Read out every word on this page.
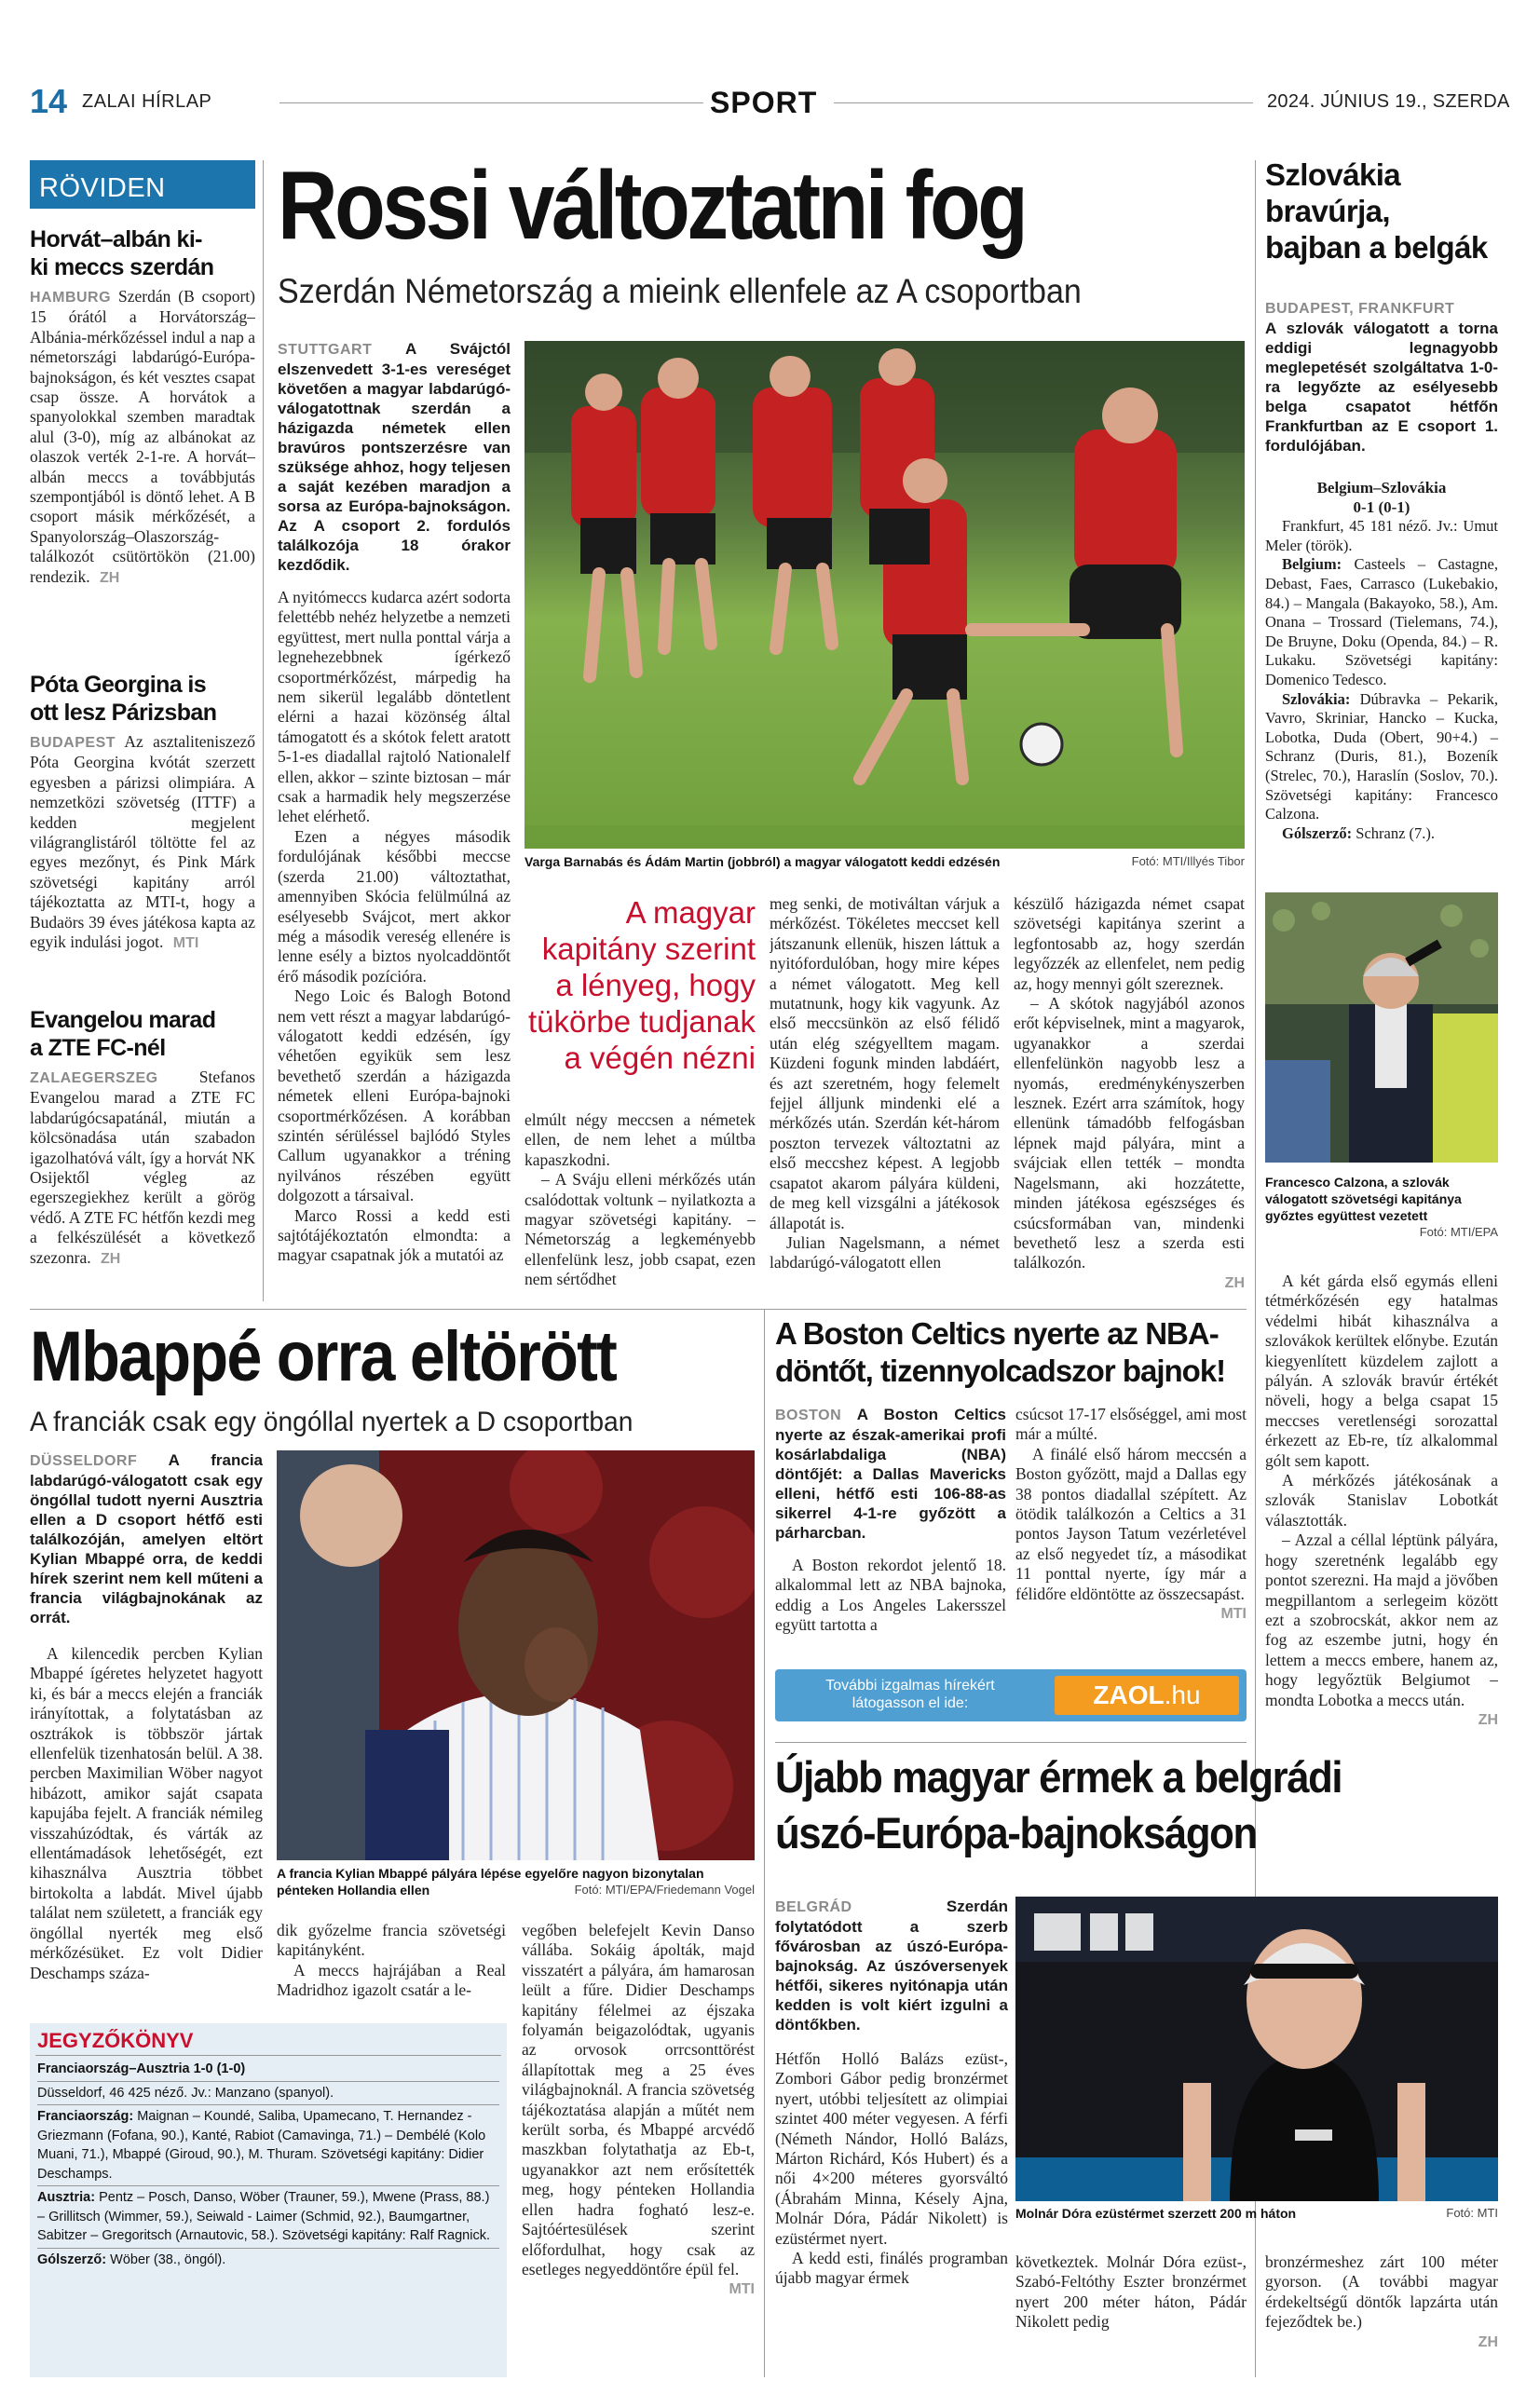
14 ZALAI HÍRLAP	SPORT	2024. JÚNIUS 19., SZERDA
RÖVIDEN
Horvát–albán ki-
ki meccs szerdán

HAMBURG Szerdán (B csoport) 15 órától a Horvátország–Albánia-mérkőzéssel indul a nap a németországi labdarúgó-Európa-bajnokságon, és két vesztes csapat csap össze. A horvátok a spanyolokkal szemben maradtak alul (3-0), míg az albánokat az olaszok verték 2-1-re. A horvát–albán meccs a továbbjutás szempontjából is döntő lehet. A B csoport másik mérkőzését, a Spanyolország–Olaszország-találkozót csütörtökön (21.00) rendezik. ZH

Póta Georgina is
ott lesz Párizsban

BUDAPEST Az asztaliteniszező Póta Georgina kvótát szerzett egyesben a párizsi olimpiára. A nemzetközi szövetség (ITTF) a kedden megjelent világranglistáról töltötte fel az egyes mezőnyt, és Pink Márk szövetségi kapitány arról tájékoztatta az MTI-t, hogy a Budaörs 39 éves játékosa kapta az egyik indulási jogot. MTI

Evangelou marad
a ZTE FC-nél

ZALAEGERSZEG	Stefanos Evangelou marad a ZTE FC labdarúgócsapatánál, miután a kölcsönadása után szabadon igazolhatóvá vált, így a horvát NK Osijektől végleg az egerszegiekhez került a görög védő. A ZTE FC hétfőn kezdi meg a felkészülését a következő szezonra. ZH

Rossi változtatni fog
Szerdán Németország a mieink ellenfele az A csoportban

STUTTGART A Svájctól elszenvedett 3-1-es vereséget követően a magyar labdarúgó-válogatottnak szerdán a házigazda németek ellen bravúros pontszerzésre van szüksége ahhoz, hogy teljesen a saját kezében maradjon a sorsa az Európa-bajnokságon. Az A csoport 2. fordulós találkozója 18 órakor kezdődik.

A nyitómeccs kudarca azért sodorta felettébb nehéz helyzetbe a nemzeti együttest, mert nulla ponttal várja a legnehezebbnek ígérkező csoportmérkőzést, márpedig ha nem sikerül legalább döntetlent elérni a hazai közönség által támogatott és a skótok felett aratott 5-1-es diadallal rajtoló Nationalelf ellen, akkor – szinte biztosan – már csak a harmadik hely megszerzése lehet elérhető.

Ezen a négyes második fordulójának későbbi meccse (szerda 21.00) változtathat, amennyiben Skócia felülmúlná az esélyesebb Svájcot, mert akkor még a második vereség ellenére is lenne esély a biztos nyolcaddöntőt érő második pozícióra.

Nego Loic és Balogh Botond nem vett részt a magyar labdarúgó-válogatott keddi edzésén, így véhetően egyikük sem lesz bevethető szerdán a házigazda németek elleni Európa-bajnoki csoportmérkőzésen. A korábban szintén sérüléssel bajlódó Styles Callum ugyanakkor a tréning nyilvános részében együtt dolgozott a társaival.

Marco Rossi a kedd esti sajtótájékoztatón elmondta: a magyar csapatnak jók a mutatói az

Fotó: MTI/Illyés Tibor
Varga Barnabás és Ádám Martin (jobbról) a magyar válogatott keddi edzésén
A magyar kapitány szerint a lényeg, hogy tükörbe tudjanak a végén nézni

elmúlt négy meccsen a németek ellen, de nem lehet a múltba kapaszkodni.

– A Sváju elleni mérkőzés után csalódottak voltunk – nyilatkozta a magyar szövetségi kapitány. – Németország a legkeményebb ellenfelünk lesz, jobb csapat, ezen nem sértődhet

meg senki, de motiváltan várjuk a mérkőzést. Tökéletes meccset kell játszanunk ellenük, hiszen láttuk a nyitófordulóban, hogy mire képes a német válogatott. Meg kell mutatnunk, hogy kik vagyunk. Az első meccsünkön az első félidő után elég szégyelltem magam. Küzdeni fogunk minden labdáért, és azt szeretném, hogy felemelt fejjel álljunk mindenki elé a mérkőzés után. Szerdán két-három poszton tervezek változtatni az első meccshez képest. A legjobb csapatot akarom pályára küldeni, de meg kell vizsgálni a játékosok állapotát is.

Julian Nagelsmann, a német labdarúgó-válogatott ellen

készülő házigazda német csapat szövetségi kapitánya szerint a legfontosabb az, hogy szerdán legyőzzék az ellenfelet, nem pedig az, hogy mennyi gólt szereznek.

– A skótok nagyjából azonos erőt képviselnek, mint a magyarok, ugyanakkor a szerdai ellenfelünkön nagyobb lesz a nyomás, eredménykényszerben lesznek. Ezért arra számítok, hogy ellenünk támadóbb felfogásban lépnek majd pályára, mint a svájciak ellen tették – mondta Nagelsmann, aki hozzátette, minden játékosa egészséges és csúcsformában van, mindenki bevethető lesz a szerda esti találkozón.

ZH
Szlovákia
bravúrja,
bajban a belgák

BUDAPEST, FRANKFURT
A szlovák válogatott a torna eddigi legnagyobb meglepetését szolgáltatva 1-0-ra legyőzte az esélyesebb belga csapatot hétfőn Frankfurtban az E csoport 1. fordulójában.

Belgium–Szlovákia
0-1 (0-1)

Frankfurt, 45 181 néző. Jv.: Umut Meler (török).

Belgium: Casteels – Castagne, Debast, Faes, Carrasco (Lukebakio, 84.) – Mangala (Bakayoko, 58.), Am. Onana – Trossard (Tielemans, 74.), De Bruyne, Doku (Openda, 84.) – R. Lukaku. Szövetségi kapitány: Domenico Tedesco.

Szlovákia: Dúbravka – Pekarik, Vavro, Skriniar, Hancko – Kucka, Lobotka, Duda (Obert, 90+4.) – Schranz (Duris, 81.), Bozeník (Strelec, 70.), Haraslín (Soslov, 70.). Szövetségi kapitány: Francesco Calzona.

Gólszerző: Schranz (7.).

Francesco Calzona, a szlovák válogatott szövetségi kapitánya győztes együttest vezetett

Fotó: MTI/EPA

A két gárda első egymás elleni tétmérkőzésén egy hatalmas védelmi hibát kihasználva a szlovákok kerültek előnybe. Ezután kiegyenlített küzdelem zajlott a pályán. A szlovák bravúr értékét növeli, hogy a belga csapat 15 meccses veretlenségi sorozattal érkezett az Eb-re, tíz alkalommal gólt sem kapott.

A mérkőzés játékosának a szlovák Stanislav Lobotkát választották.

– Azzal a céllal léptünk pályára, hogy szeretnénk legalább egy pontot szerezni. Ha majd a jövőben megpillantom a serlegeim között ezt a szobrocskát, akkor nem az fog az eszembe jutni, hogy én lettem a meccs embere, hanem az, hogy legyőztük Belgiumot – mondta Lobotka a meccs után.

ZH
Mbappé orra eltörött
A franciák csak egy öngóllal nyertek a D csoportban

DÜSSELDORF A francia labdarúgó-válogatott csak egy öngóllal tudott nyerni Ausztria ellen a D csoport hétfő esti találkozóján, amelyen eltört Kylian Mbappé orra, de keddi hírek szerint nem kell műteni a francia világbajnokának az orrát.

A kilencedik percben Kylian Mbappé ígéretes helyzetet hagyott ki, és bár a meccs elején a franciák irányítottak, a folytatásban az osztrákok is többször jártak ellenfelük tizenhatosán belül. A 38. percben Maximilian Wöber nagyot hibázott, amikor saját csapata kapujába fejelt. A franciák némileg visszahúzódtak, és várták az ellentámadások lehetőségét, ezt kihasználva Ausztria többet birtokolta a labdát. Mivel újabb találat nem született, a franciák egy öngóllal nyerték meg első mérkőzésüket. Ez volt Didier Deschamps száza-

A francia Kylian Mbappé pályára lépése egyelőre nagyon bizonytalan pénteken Hollandia ellen	Fotó: MTI/EPA/Friedemann Vogel

dik győzelme francia szövetségi kapitányként.

A meccs hajrájában a Real Madridhoz igazolt csatár a le-

vegőben belefejelt Kevin Danso vállába. Sokáig ápolták, majd visszatért a pályára, ám hamarosan leült a fűre. Didier Deschamps kapitány félelmei az éjszaka folyamán beigazolódtak, ugyanis az orvosok orrcsonttörést állapítottak meg a 25 éves világbajnoknál. A francia szövetség tájékoztatása alapján a műtét nem került sorba, és Mbappé arcvédő maszkban folytathatja az Eb-t, ugyanakkor azt nem erősítették meg, hogy pénteken Hollandia ellen hadra fogható lesz-e. Sajtóértesülések szerint előfordulhat, hogy csak az esetleges negyeddöntőre épül fel.

MTI
JEGYZŐKÖNYV
Franciaország–Ausztria 1-0 (1-0)
Düsseldorf, 46 425 néző. Jv.: Manzano (spanyol).
Franciaország: Maignan – Koundé, Saliba, Upamecano, T. Hernandez - Griezmann (Fofana, 90.), Kanté, Rabiot (Camavinga, 71.) – Dembélé (Kolo Muani, 71.), Mbappé (Giroud, 90.), M. Thuram. Szövetségi kapitány: Didier Deschamps.
Ausztria: Pentz – Posch, Danso, Wöber (Trauner, 59.), Mwene (Prass, 88.) – Grillitsch (Wimmer, 59.), Seiwald - Laimer (Schmid, 92.), Baumgartner, Sabitzer – Gregoritsch (Arnautovic, 58.). Szövetségi kapitány: Ralf Ragnick.
Gólszerző: Wöber (38., öngól).
A Boston Celtics nyerte az NBA-
döntőt, tizennyolcadszor bajnok!

BOSTON A Boston Celtics nyerte az észak-amerikai profi kosárlabdaliga (NBA) döntőjét: a Dallas Mavericks elleni, hétfő esti 106-88-as sikerrel 4-1-re győzött a párharcban.

A Boston rekordot jelentő 18. alkalommal lett az NBA bajnoka, eddig a Los Angeles Lakersszel együtt tartotta a

csúcsot 17-17 elsőséggel, ami most már a múlté.

A finálé első három meccsén a Boston győzött, majd a Dallas egy 38 pontos diadallal szépített. Az ötödik találkozón a Celtics a 31 pontos Jayson Tatum vezérletével az első negyedet tíz, a másodikat 11 ponttal nyerte, így már a félidőre eldöntötte az összecsapást.

MTI
További izgalmas hírekért
látogasson el ide:	ZAOL.hu
Újabb magyar érmek a belgrádi
úszó-Európa-bajnokságon

BELGRÁD	Szerdán folytatódott a szerb fővárosban az úszó-Európa-bajnokság. Az úszóversenyek hétfői, sikeres nyitónapja után kedden is volt kiért izgulni a döntőkben.

Hétfőn Holló Balázs ezüst-, Zombori Gábor pedig bronzérmet nyert, utóbbi teljesített az olimpiai szintet 400 méter vegyesen. A férfi (Németh Nándor, Holló Balázs, Márton Richárd, Kós Hubert) és a női 4×200 méteres gyorsváltó (Ábrahám Minna, Késely Ajna, Molnár Dóra, Pádár Nikolett) is ezüstérmet nyert.

A kedd esti, finálés programban újabb magyar érmek

Fotó: MTI
Molnár Dóra ezüstérmet szerzett 200 m háton

következtek. Molnár Dóra ezüst-, Szabó-Feltóthy Eszter bronzérmet nyert 200 méter háton, Pádár Nikolett pedig

bronzérmeshez zárt 100 méter gyorson. (A további magyar érdekeltségű döntők lapzárta után fejeződtek be.)

ZH
